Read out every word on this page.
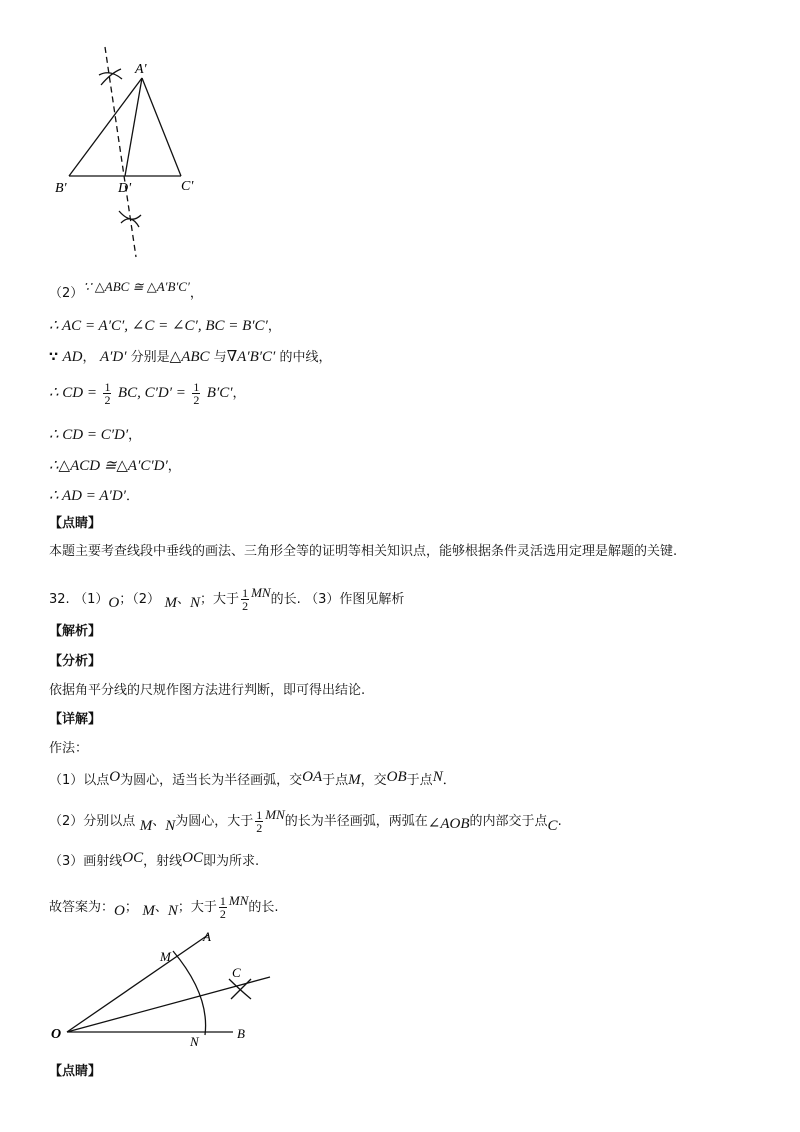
A'
B'	D'	C'
（2）∵ △ABC ≅ △A′B′C′，
∴ AC = A′C′, ∠C = ∠C′, BC = B′C′，
∵ AD， A′D′ 分别是△ABC 与∇A′B′C′ 的中线，
∴ CD = $\frac{1}{2}$ BC, $C'D' = \frac{1}{2} B'C'$，
∴ CD = C′D′，
∴△ACD ≅△A′C′D′，
∴ AD = A′D′．
【点睛】
本题主要考查线段中垂线的画法、三角形全等的证明等相关知识点，能够根据条件灵活选用定理是解题的关键.
32. （1）O；（2） M、N；大于 $\frac{1}{2}$ MN的长. （3）作图见解析
【解析】
【分析】
依据角平分线的尺规作图方法进行判断，即可得出结论.
【详解】
作法：
（1）以点O为圆心，适当长为半径画弧，交OA于点M，交OB于点N．
（2）分别以点 M、N为圆心，大于 $\frac{1}{2}$ MN的长为半径画弧，两弧在∠AOB的内部交于点C.
（3）画射线OC，射线OC即为所求.
故答案为：O； M、N；大于 $\frac{1}{2}$ MN的长.
O
M
A
C
N
B
【点睛】
